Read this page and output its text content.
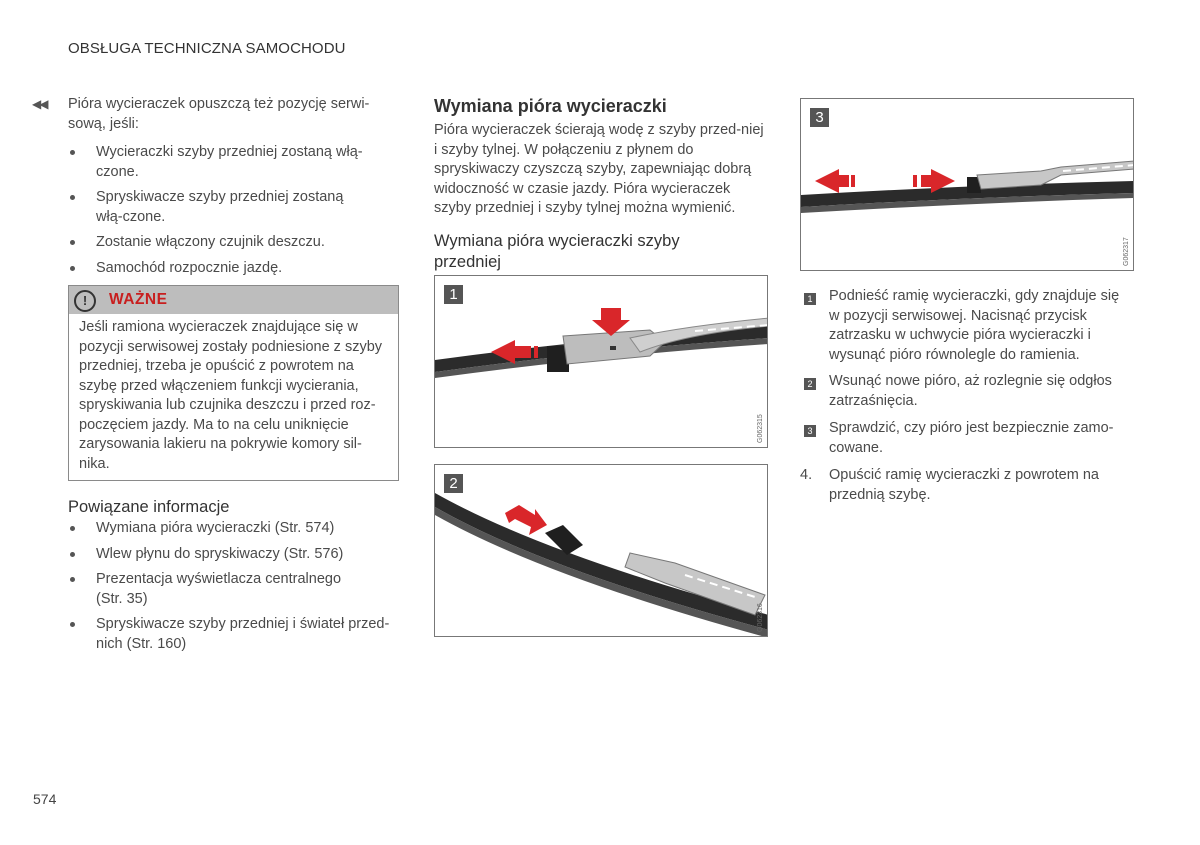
OBSŁUGA TECHNICZNA SAMOCHODU
◀◀ Pióra wycieraczek opuszczą też pozycję serwi-sową, jeśli:
Wycieraczki szyby przedniej zostaną włą-czone.
Spryskiwacze szyby przedniej zostaną włą-czone.
Zostanie włączony czujnik deszczu.
Samochód rozpocznie jazdę.
!	WAŻNE
Jeśli ramiona wycieraczek znajdujące się w pozycji serwisowej zostały podniesione z szyby przedniej, trzeba je opuścić z powrotem na szybę przed włączeniem funkcji wycierania, spryskiwania lub czujnika deszczu i przed roz-poczęciem jazdy. Ma to na celu uniknięcie zarysowania lakieru na pokrywie komory sil-nika.
Powiązane informacje
Wymiana pióra wycieraczki (Str. 574)
Wlew płynu do spryskiwaczy (Str. 576)
Prezentacja wyświetlacza centralnego (Str. 35)
Spryskiwacze szyby przedniej i świateł przed-nich (Str. 160)
Wymiana pióra wycieraczki
Pióra wycieraczek ścierają wodę z szyby przed-niej i szyby tylnej. W połączeniu z płynem do spryskiwaczy czyszczą szyby, zapewniając dobrą widoczność w czasie jazdy. Pióra wycieraczek szyby przedniej i szyby tylnej można wymienić.
Wymiana pióra wycieraczki szyby przedniej
1
G062315
2
G062316
3
G062317
1 Podnieść ramię wycieraczki, gdy znajduje się w pozycji serwisowej. Nacisnąć przycisk zatrzasku w uchwycie pióra wycieraczki i wysunąć pióro równolegle do ramienia.
2 Wsunąć nowe pióro, aż rozlegnie się odgłos zatrzaśnięcia.
3 Sprawdzić, czy pióro jest bezpiecznie zamo-cowane.
4. Opuścić ramię wycieraczki z powrotem na przednią szybę.
574
